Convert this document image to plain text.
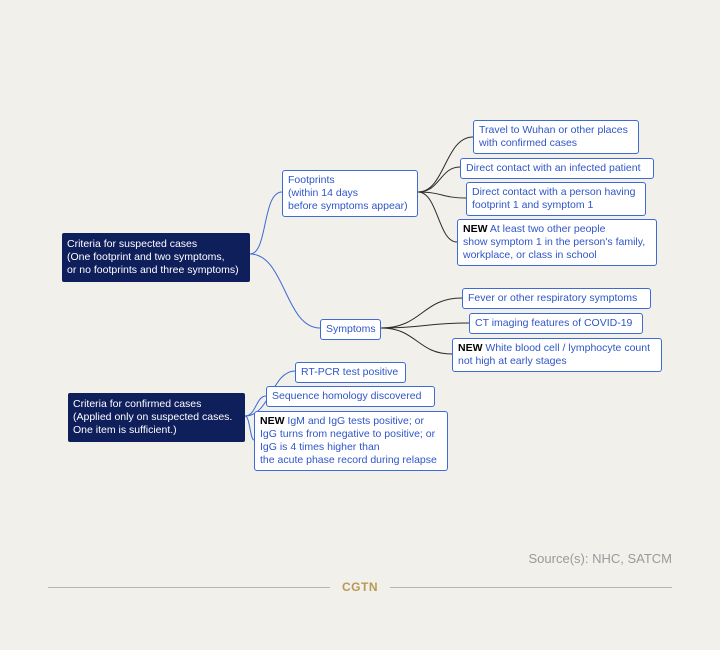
Criteria for suspected cases
(One footprint and two symptoms,
or no footprints and three symptoms)
Footprints
(within 14 days
before symptoms appear)
Travel to Wuhan or other places
with confirmed cases
Direct contact with an infected patient
Direct contact with a person having
footprint 1 and symptom 1
NEW At least two other people
show symptom 1 in the person's family,
workplace, or class in school
Symptoms
Fever or other respiratory symptoms
CT imaging features of COVID-19
NEW White blood cell / lymphocyte count
not high at early stages
Criteria for confirmed cases
(Applied only on suspected cases.
One item is sufficient.)
RT-PCR test positive
Sequence homology discovered
NEW IgM and IgG tests positive; or
IgG turns from negative to positive; or
IgG is 4 times higher than
the acute phase record during relapse
Source(s): NHC, SATCM
CGTN
